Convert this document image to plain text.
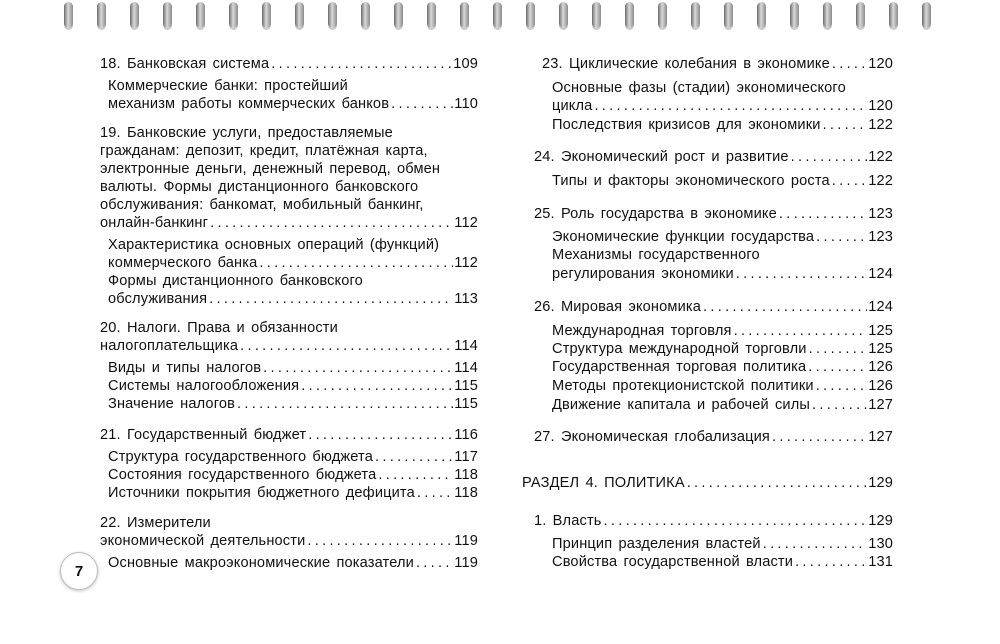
18. Банковская система .....	109
Коммерческие банки: простейший
механизм работы коммерческих банков .....	110
19. Банковские услуги, предоставляемые
гражданам: депозит, кредит, платёжная карта,
электронные деньги, денежный перевод, обмен
валюты. Формы дистанционного банковского
обслуживания: банкомат, мобильный банкинг,
онлайн-банкинг .....	112
Характеристика основных операций (функций)
коммерческого банка .....	112
Формы дистанционного банковского
обслуживания .....	113
20. Налоги. Права и обязанности
налогоплательщика .....	114
Виды и типы налогов .....	114
Системы налогообложения .....	115
Значение налогов .....	115
21. Государственный бюджет .....	116
Структура государственного бюджета .....	117
Состояния государственного бюджета .....	118
Источники покрытия бюджетного дефицита .....	118
22. Измерители
экономической деятельности .....	119
Основные макроэкономические показатели .....	119
23. Циклические колебания в экономике .....	120
Основные фазы (стадии) экономического
цикла .....	120
Последствия кризисов для экономики .....	122
24. Экономический рост и развитие .....	122
Типы и факторы экономического роста .....	122
25. Роль государства в экономике .....	123
Экономические функции государства .....	123
Механизмы государственного
регулирования экономики .....	124
26. Мировая экономика .....	124
Международная торговля .....	125
Структура международной торговли .....	125
Государственная торговая политика .....	126
Методы протекционистской политики .....	126
Движение капитала и рабочей силы .....	127
27. Экономическая глобализация .....	127
РАЗДЕЛ 4. ПОЛИТИКА .....	129
1. Власть .....	129
Принцип разделения властей .....	130
Свойства государственной власти .....	131
7
